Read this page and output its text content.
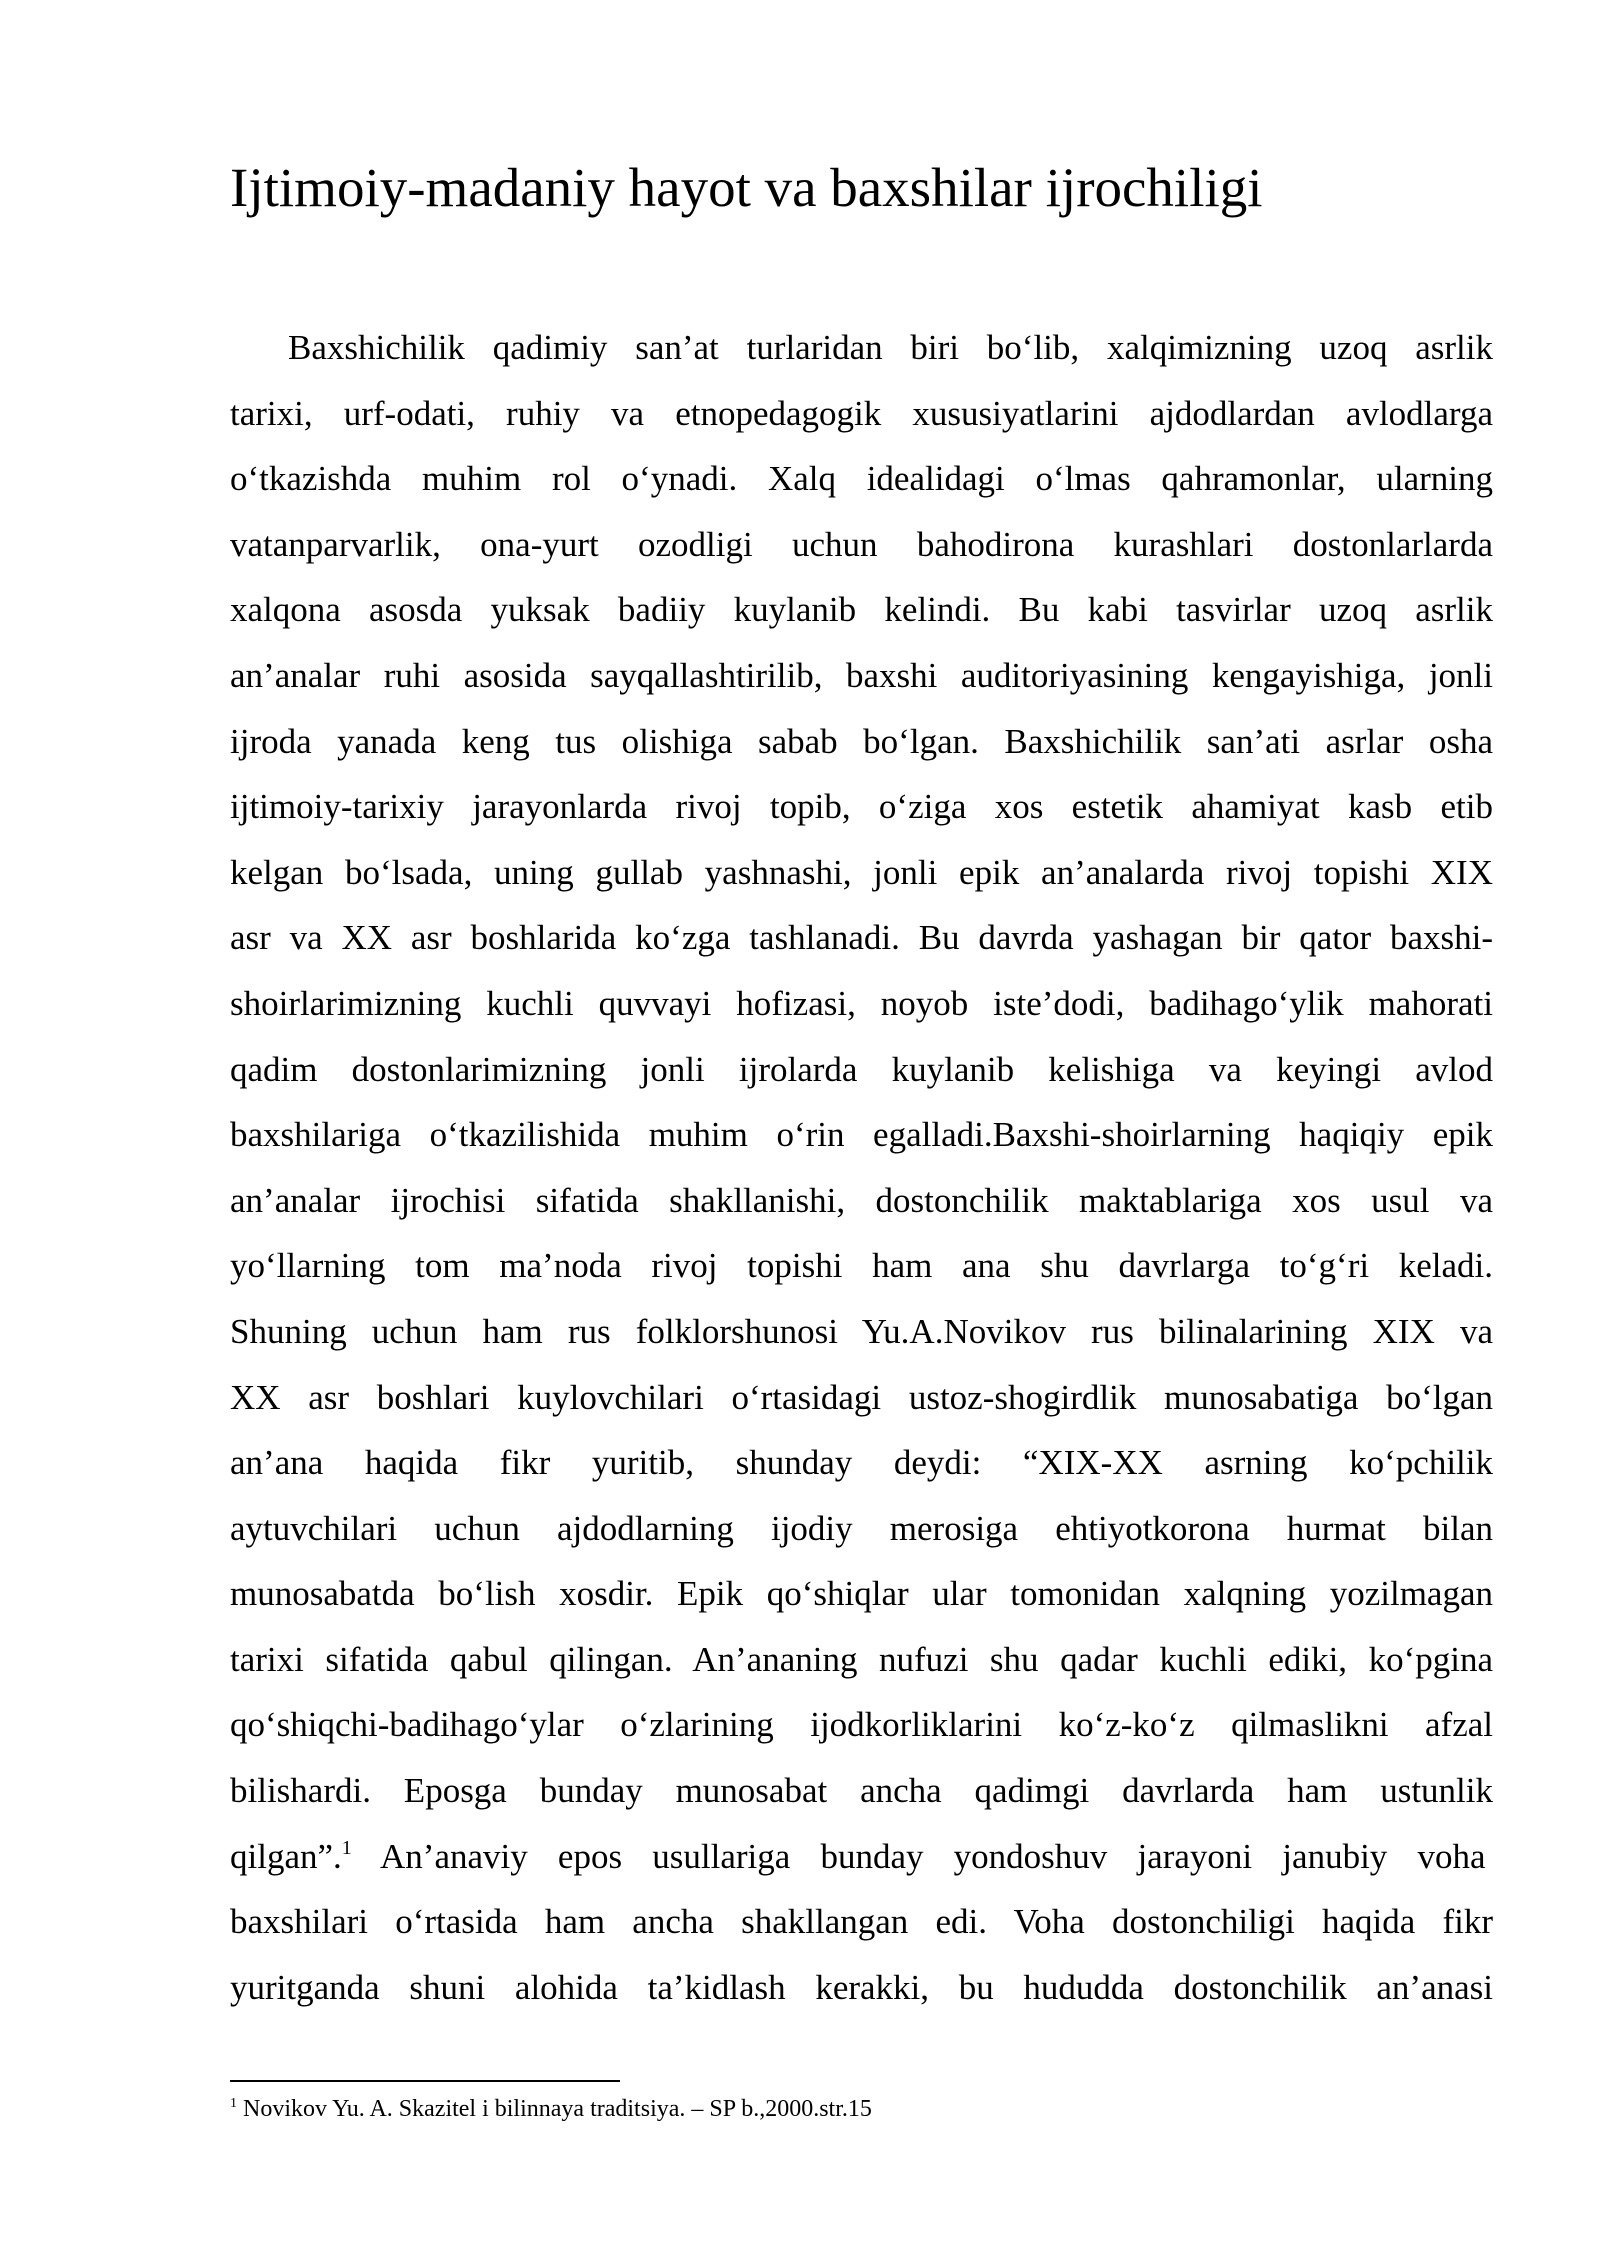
Ijtimoiy-madaniy hayot va baxshilar ijrochiligi
Baxshichilik qadimiy san’at turlaridan biri bo‘lib, xalqimizning uzoq asrlik
tarixi, urf-odati, ruhiy va etnopedagogik xususiyatlarini ajdodlardan avlodlarga
o‘tkazishda muhim rol o‘ynadi. Xalq idealidagi o‘lmas qahramonlar, ularning
vatanparvarlik, ona-yurt ozodligi uchun bahodirona kurashlari dostonlarlarda
xalqona asosda yuksak badiiy kuylanib kelindi. Bu kabi tasvirlar uzoq asrlik
an’analar ruhi asosida sayqallashtirilib, baxshi auditoriyasining kengayishiga, jonli
ijroda yanada keng tus olishiga sabab bo‘lgan. Baxshichilik san’ati asrlar osha
ijtimoiy-tarixiy jarayonlarda rivoj topib, o‘ziga xos estetik ahamiyat kasb etib
kelgan bo‘lsada, uning gullab yashnashi, jonli epik an’analarda rivoj topishi XIX
asr va XX asr boshlarida ko‘zga tashlanadi. Bu davrda yashagan bir qator baxshi-
shoirlarimizning kuchli quvvayi hofizasi, noyob iste’dodi, badihago‘ylik mahorati
qadim dostonlarimizning jonli ijrolarda kuylanib kelishiga va keyingi avlod
baxshilariga o‘tkazilishida muhim o‘rin egalladi.Baxshi-shoirlarning haqiqiy epik
an’analar ijrochisi sifatida shakllanishi, dostonchilik maktablariga xos usul va
yo‘llarning tom ma’noda rivoj topishi ham ana shu davrlarga to‘g‘ri keladi.
Shuning uchun ham rus folklorshunosi Yu.A.Novikov rus bilinalarining XIX va
XX asr boshlari kuylovchilari o‘rtasidagi ustoz-shogirdlik munosabatiga bo‘lgan
an’ana haqida fikr yuritib, shunday deydi: “XIX-XX asrning ko‘pchilik
aytuvchilari uchun ajdodlarning ijodiy merosiga ehtiyotkorona hurmat bilan
munosabatda bo‘lish xosdir. Epik qo‘shiqlar ular tomonidan xalqning yozilmagan
tarixi sifatida qabul qilingan. An’ananing nufuzi shu qadar kuchli ediki, ko‘pgina
qo‘shiqchi-badihago‘ylar o‘zlarining ijodkorliklarini ko‘z-ko‘z qilmaslikni afzal
bilishardi. Eposga bunday munosabat ancha qadimgi davrlarda ham ustunlik
qilgan”.$^1$ An’anaviy epos usullariga bunday yondoshuv jarayoni janubiy voha
baxshilari o‘rtasida ham ancha shakllangan edi. Voha dostonchiligi haqida fikr
yuritganda shuni alohida ta’kidlash kerakki, bu hududda dostonchilik an’anasi
$^1$ Novikov Yu. A. Skazitel i bilinnaya traditsiya. – SP b.,2000.str.15
